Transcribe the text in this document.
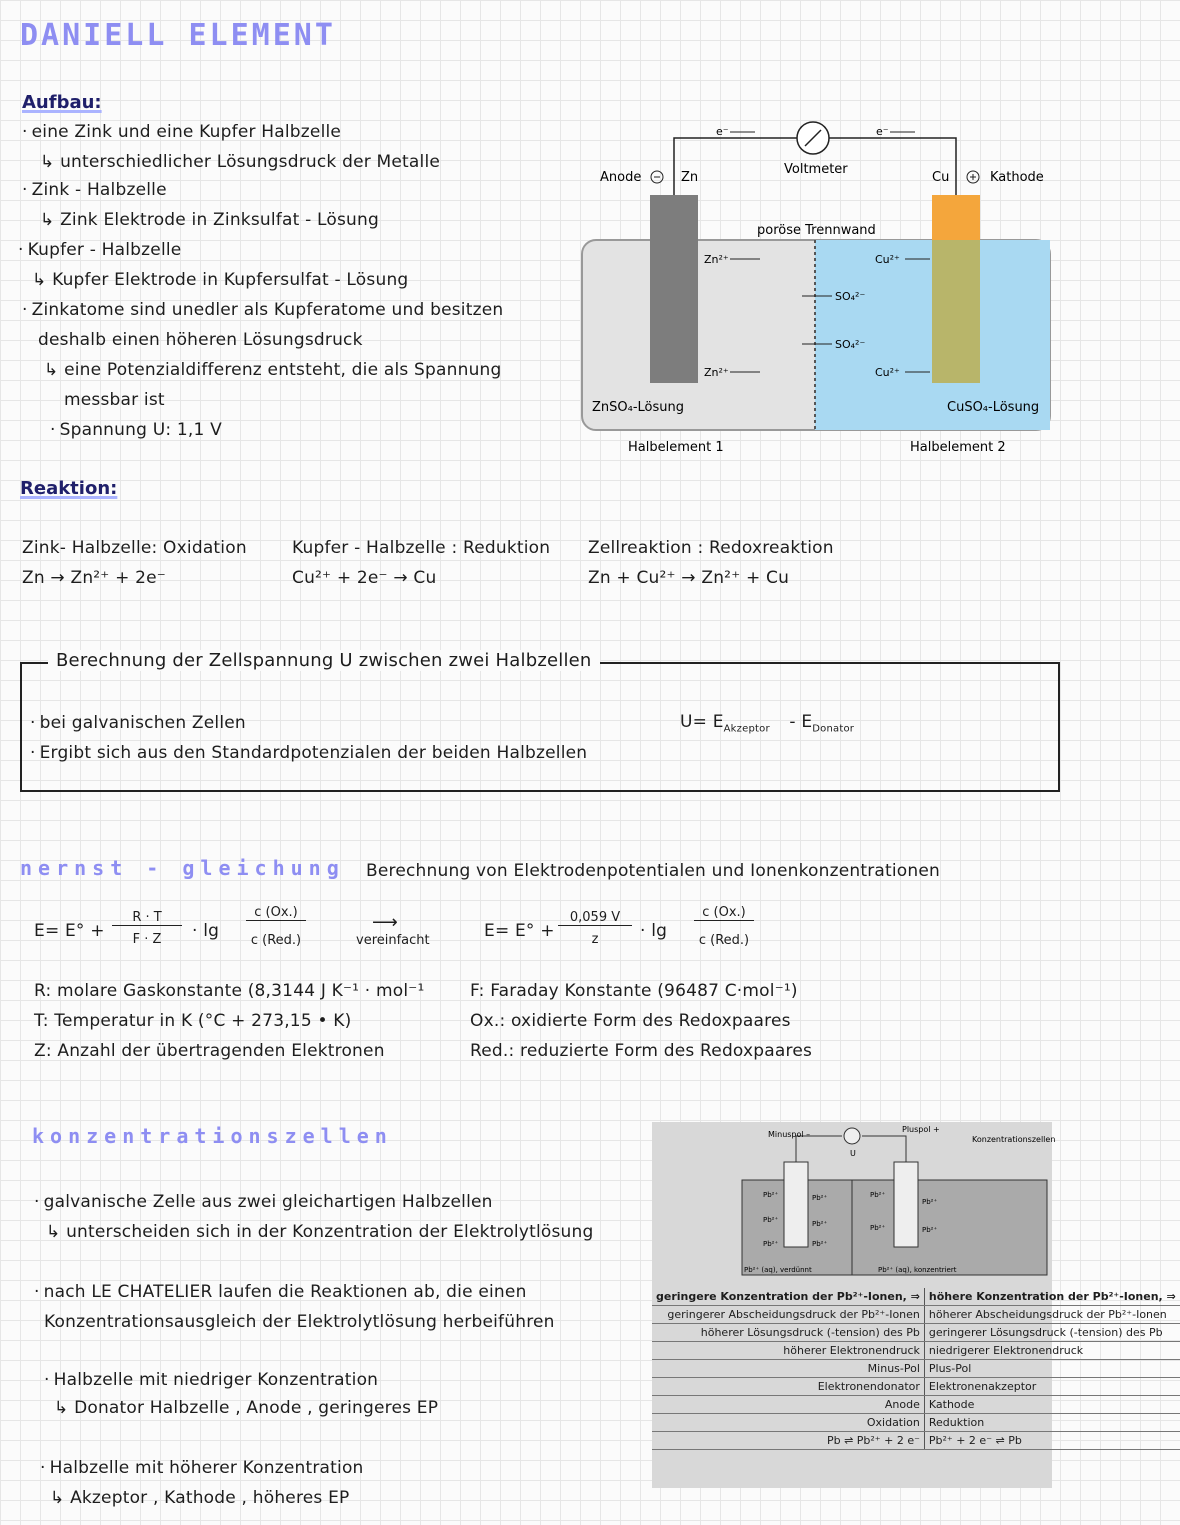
DANIELL ELEMENT
Aufbau:
· eine Zink und eine Kupfer Halbzelle
↳ unterschiedlicher Lösungsdruck der Metalle
· Zink - Halbzelle
↳ Zink Elektrode in Zinksulfat - Lösung
· Kupfer - Halbzelle
↳ Kupfer Elektrode in Kupfersulfat - Lösung
· Zinkatome sind unedler als Kupferatome und besitzen
deshalb einen höheren Lösungsdruck
↳ eine Potenzialdifferenz entsteht, die als Spannung
messbar ist
· Spannung U: 1,1 V
Anode	Zn
e⁻	e⁻
Voltmeter
Cu	Kathode
poröse Trennwand
Zn²⁺
Zn²⁺
Cu²⁺
Cu²⁺
SO₄²⁻
SO₄²⁻
ZnSO₄-Lösung	CuSO₄-Lösung
Halbelement 1	Halbelement 2
Reaktion:
Zink- Halbzelle: Oxidation
Zn → Zn²⁺ + 2e⁻
Kupfer - Halbzelle : Reduktion
Cu²⁺ + 2e⁻ → Cu
Zellreaktion : Redoxreaktion
Zn + Cu²⁺ → Zn²⁺ + Cu
Berechnung der Zellspannung U zwischen zwei Halbzellen
· bei galvanischen Zellen
· Ergibt sich aus den Standardpotenzialen der beiden Halbzellen
$U= E_{Akzeptor} - E_{Donator}$
nernst - gleichung Berechnung von Elektrodenpotentialen und Ionenkonzentrationen
E= E° +
R · T
F · Z	· lg
c (Ox.)
c (Red.)
⟶
vereinfacht	E= E° +
0,059 V
z	· lg
c (Ox.)
c (Red.)
R: molare Gaskonstante (8,3144 J K⁻¹ · mol⁻¹
T: Temperatur in K (°C + 273,15 • K)
Z: Anzahl der übertragenden Elektronen
F: Faraday Konstante (96487 C·mol⁻¹)
Ox.: oxidierte Form des Redoxpaares
Red.: reduzierte Form des Redoxpaares
konzentrationszellen
· galvanische Zelle aus zwei gleichartigen Halbzellen
↳ unterscheiden sich in der Konzentration der Elektrolytlösung
· nach LE CHATELIER laufen die Reaktionen ab, die einen
Konzentrationsausgleich der Elektrolytlösung herbeiführen
· Halbzelle mit niedriger Konzentration
↳ Donator Halbzelle , Anode , geringeres EP
· Halbzelle mit höherer Konzentration
↳ Akzeptor , Kathode , höheres EP
Minuspol –
Pluspol +
U
Konzentrationszellen
Pb²⁺
Pb²⁺
Pb²⁺
Pb²⁺
Pb²⁺
Pb²⁺
Pb²⁺
Pb²⁺
Pb²⁺
Pb²⁺
Pb²⁺ (aq), verdünnt	Pb²⁺ (aq), konzentriert
geringere Konzentration der Pb²⁺-Ionen, ⇒	höhere Konzentration der Pb²⁺-Ionen, ⇒
geringerer Abscheidungsdruck der Pb²⁺-Ionen	höherer Abscheidungsdruck der Pb²⁺-Ionen
höherer Lösungsdruck (-tension) des Pb	geringerer Lösungsdruck (-tension) des Pb
höherer Elektronendruck	niedrigerer Elektronendruck
Minus-Pol	Plus-Pol
Elektronendonator	Elektronenakzeptor
Anode	Kathode
Oxidation	Reduktion
Pb ⇌ Pb²⁺ + 2 e⁻	Pb²⁺ + 2 e⁻ ⇌ Pb
